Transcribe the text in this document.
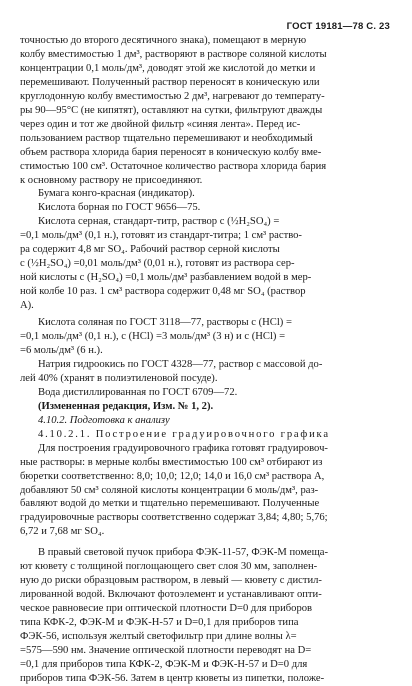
ГОСТ 19181—78 С. 23

точностью до второго десятичного знака), помещают в мерную

колбу вместимостью 1 дм³, растворяют в растворе соляной кислоты

концентрации 0,1 моль/дм³, доводят этой же кислотой до метки и

перемешивают. Полученный раствор переносят в коническую или

круглодонную колбу вместимостью 2 дм³, нагревают до температу-

ры 90—95°С (не кипятят), оставляют на сутки, фильтруют дважды

через один и тот же двойной фильтр «синяя лента». Перед ис-

пользованием раствор тщательно перемешивают и необходимый

объем раствора хлорида бария переносят в коническую колбу вме-

стимостью 100 см³. Остаточное количество раствора хлорида бария

к основному раствору не присоединяют.

Бумага конго-красная (индикатор).

Кислота борная по ГОСТ 9656—75.

Кислота серная, стандарт-титр, раствор с (½H₂SO₄) =

=0,1 моль/дм³ (0,1 н.), готовят из стандарт-титра; 1 см³ раство-

ра содержит 4,8 мг SO₄. Рабочий раствор серной кислоты

с (½H₂SO₄) =0,01 моль/дм³ (0,01 н.), готовят из раствора сер-

ной кислоты с (H₂SO₄) =0,1 моль/дм³ разбавлением водой в мер-

ной колбе 10 раз. 1 см³ раствора содержит 0,48 мг SO₄ (раствор

А).

Кислота соляная по ГОСТ 3118—77, растворы с (HCl) =

=0,1 моль/дм³ (0,1 н.), с (HCl) =3 моль/дм³ (3 н) и с (HCl) =

=6 моль/дм³ (6 н.).

Натрия гидроокись по ГОСТ 4328—77, раствор с массовой до-

лей 40% (хранят в полиэтиленовой посуде).

Вода дистиллированная по ГОСТ 6709—72.

(Измененная редакция, Изм. № 1, 2).

4.10.2. Подготовка к анализу

4.10.2.1. Построение градуировочного графика

Для построения градуировочного графика готовят градуировоч-

ные растворы: в мерные колбы вместимостью 100 см³ отбирают из

бюретки соответственно: 8,0; 10,0; 12,0; 14,0 и 16,0 см³ раствора А,

добавляют 50 см³ соляной кислоты концентрации 6 моль/дм³, раз-

бавляют водой до метки и тщательно перемешивают. Полученные

градуировочные растворы соответственно содержат 3,84; 4,80; 5,76;

6,72 и 7,68 мг SO₄.

В правый световой пучок прибора ФЭК-11-57, ФЭК-М помеща-

ют кювету с толщиной поглощающего свет слоя 30 мм, заполнен-

ную до риски образцовым раствором, в левый — кювету с дистил-

лированной водой. Включают фотоэлемент и устанавливают опти-

ческое равновесие при оптической плотности D=0 для приборов

типа КФК-2, ФЭК-М и ФЭК-Н-57 и D=0,1 для приборов типа

ФЭК-56, используя желтый светофильтр при длине волны λ=

=575—590 нм. Значение оптической плотности переводят на D=

=0,1 для приборов типа КФК-2, ФЭК-М и ФЭК-Н-57 и D=0 для

приборов типа ФЭК-56. Затем в центр кюветы из пипетки, положе-
